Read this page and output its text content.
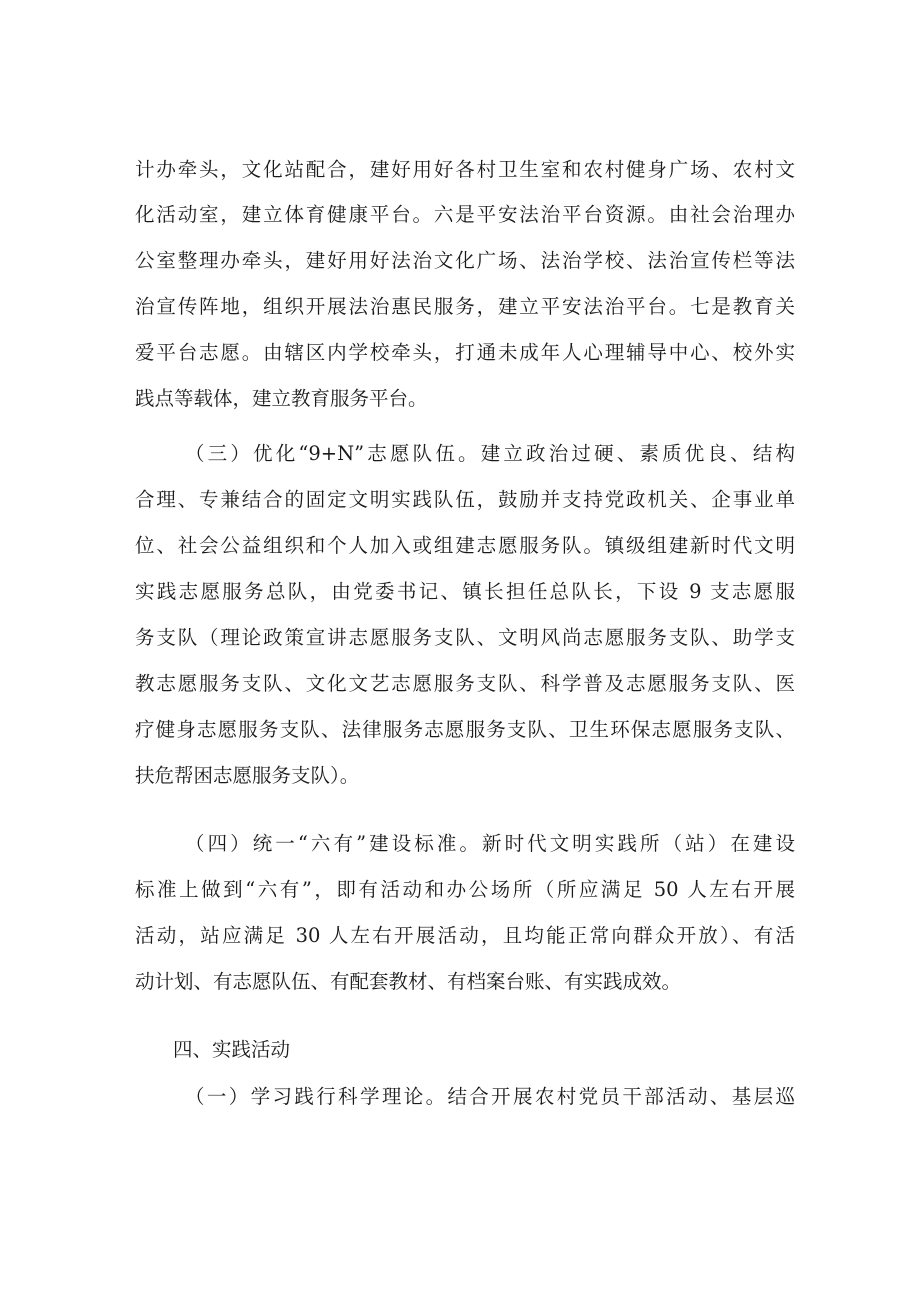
计办牵头，文化站配合，建好用好各村卫生室和农村健身广场、农村文
化活动室，建立体育健康平台。六是平安法治平台资源。由社会治理办
公室整理办牵头，建好用好法治文化广场、法治学校、法治宣传栏等法
治宣传阵地，组织开展法治惠民服务，建立平安法治平台。七是教育关
爱平台志愿。由辖区内学校牵头，打通未成年人心理辅导中心、校外实
践点等载体，建立教育服务平台。
（三）优化“9+N”志愿队伍。建立政治过硬、素质优良、结构
合理、专兼结合的固定文明实践队伍，鼓励并支持党政机关、企事业单
位、社会公益组织和个人加入或组建志愿服务队。镇级组建新时代文明
实践志愿服务总队，由党委书记、镇长担任总队长，下设 9 支志愿服
务支队（理论政策宣讲志愿服务支队、文明风尚志愿服务支队、助学支
教志愿服务支队、文化文艺志愿服务支队、科学普及志愿服务支队、医
疗健身志愿服务支队、法律服务志愿服务支队、卫生环保志愿服务支队、
扶危帮困志愿服务支队）。
（四）统一“六有”建设标准。新时代文明实践所（站）在建设
标准上做到“六有”，即有活动和办公场所（所应满足 50 人左右开展
活动，站应满足 30 人左右开展活动，且均能正常向群众开放）、有活
动计划、有志愿队伍、有配套教材、有档案台账、有实践成效。
四、实践活动
（一）学习践行科学理论。结合开展农村党员干部活动、基层巡
